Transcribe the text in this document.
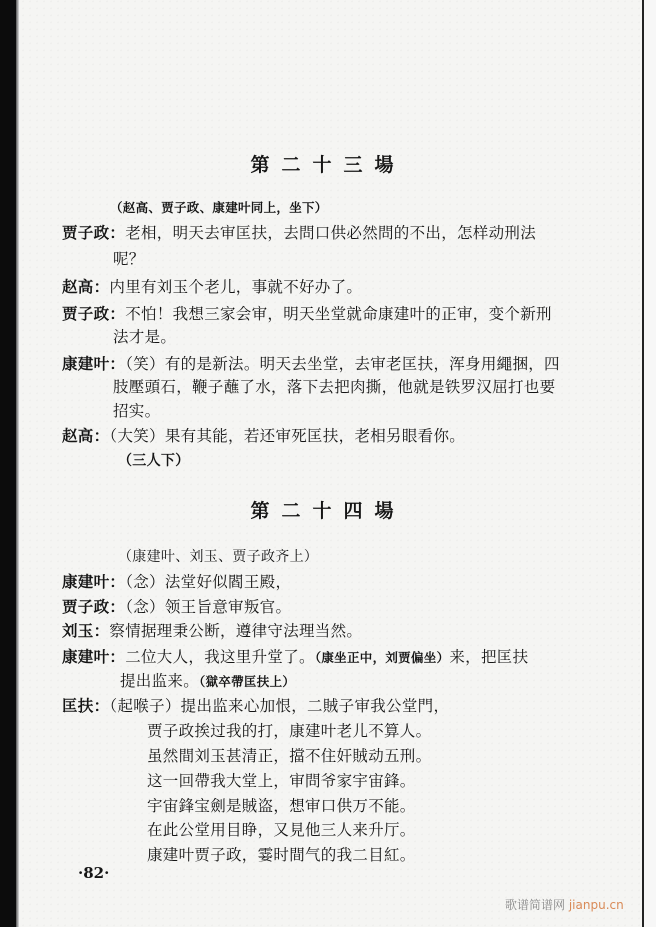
第二十三場
（赵高、贾子政、康建叶同上，坐下）
贾子政：老相，明天去审匡扶，去問口供必然問的不出，怎样动刑法
呢？
赵高：内里有刘玉个老儿，事就不好办了。
贾子政：不怕！我想三家会审，明天坐堂就命康建叶的正审，变个新刑
法才是。
康建叶：（笑）有的是新法。明天去坐堂，去审老匡扶，浑身用繩捆，四
肢壓頭石，鞭子蘸了水，落下去把肉撕，他就是铁罗汉屈打也要
招实。
赵高：（大笑）果有其能，若还审死匡扶，老相另眼看你。
（三人下）
第二十四場
（康建叶、刘玉、贾子政齐上）
康建叶：（念）法堂好似閻王殿，
贾子政：（念）领王旨意审叛官。
刘玉：察情据理秉公断，遵律守法理当然。
康建叶：二位大人，我这里升堂了。（康坐正中，刘贾偏坐）来，把匡扶
提出监来。（獄卒帶匡扶上）
匡扶：（起喉子）提出监来心加恨，二賊子审我公堂門，
贾子政挨过我的打，康建叶老儿不算人。
虽然間刘玉甚清正，擋不住奸賊动五刑。
这一回帶我大堂上，审問爷家宇宙鋒。
宇宙鋒宝劍是賊盗，想审口供万不能。
在此公堂用目睁，又見他三人来升厅。
康建叶贾子政，霎时間气的我二目紅。
·82·
歌谱简谱网 jianpu.cn
